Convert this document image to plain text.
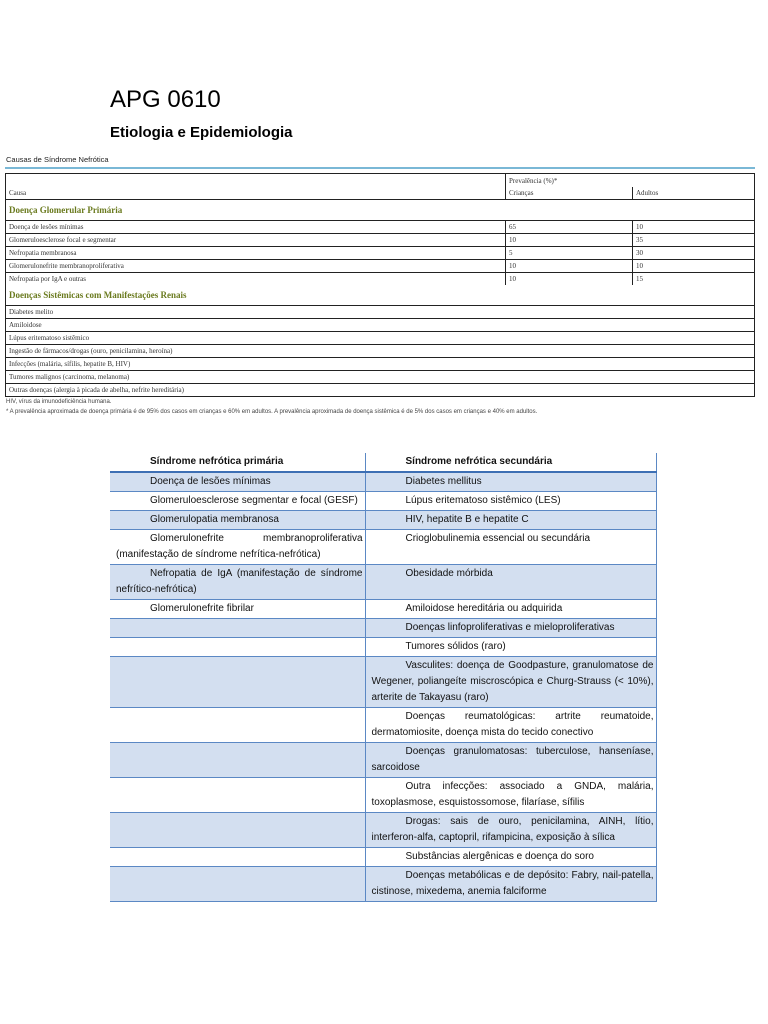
APG 0610
Etiologia e Epidemiologia
Causas de Síndrome Nefrótica
	Prevalência (%)*	
Causa	Crianças	Adultos
Doença Glomerular Primária		
Doença de lesões mínimas	65	10
Glomeruloesclerose focal e segmentar	10	35
Nefropatia membranosa	5	30
Glomerulonefrite membranoproliferativa	10	10
Nefropatia por IgA e outras	10	15
Doenças Sistêmicas com Manifestações Renais		
Diabetes melito		
Amiloidose		
Lúpus eritematoso sistêmico		
Ingestão de fármacos/drogas (ouro, penicilamina, heroína)		
Infecções (malária, sífilis, hepatite B, HIV)		
Tumores malignos (carcinoma, melanoma)		
Outras doenças (alergia à picada de abelha, nefrite hereditária)		
HIV, vírus da imunodeficiência humana.
* A prevalência aproximada de doença primária é de 95% dos casos em crianças e 60% em adultos. A prevalência aproximada de doença sistêmica é de 5% dos casos em crianças e 40% em adultos.
Síndrome nefrótica primária	Síndrome nefrótica secundária
Doença de lesões mínimas	Diabetes mellitus
Glomeruloesclerose segmentar e focal (GESF)	Lúpus eritematoso sistêmico (LES)
Glomerulopatia membranosa	HIV, hepatite B e hepatite C
Glomerulonefrite membranoproliferativa (manifestação de síndrome nefrítica-nefrótica)	Crioglobulinemia essencial ou secundária
Nefropatia de IgA (manifestação de síndrome nefrítico-nefrótica)	Obesidade mórbida
Glomerulonefrite fibrilar	Amiloidose hereditária ou adquirida
	Doenças linfoproliferativas e mieloproliferativas
	Tumores sólidos (raro)
	Vasculites: doença de Goodpasture, granulomatose de Wegener, poliangeíte miscroscópica e Churg-Strauss (< 10%), arterite de Takayasu (raro)
	Doenças reumatológicas: artrite reumatoide, dermatomiosite, doença mista do tecido conectivo
	Doenças granulomatosas: tuberculose, hanseníase, sarcoidose
	Outra infecções: associado a GNDA, malária, toxoplasmose, esquistossomose, filaríase, sífilis
	Drogas: sais de ouro, penicilamina, AINH, lítio, interferon-alfa, captopril, rifampicina, exposição à sílica
	Substâncias alergênicas e doença do soro
	Doenças metabólicas e de depósito: Fabry, nail-patella, cistinose, mixedema, anemia falciforme
